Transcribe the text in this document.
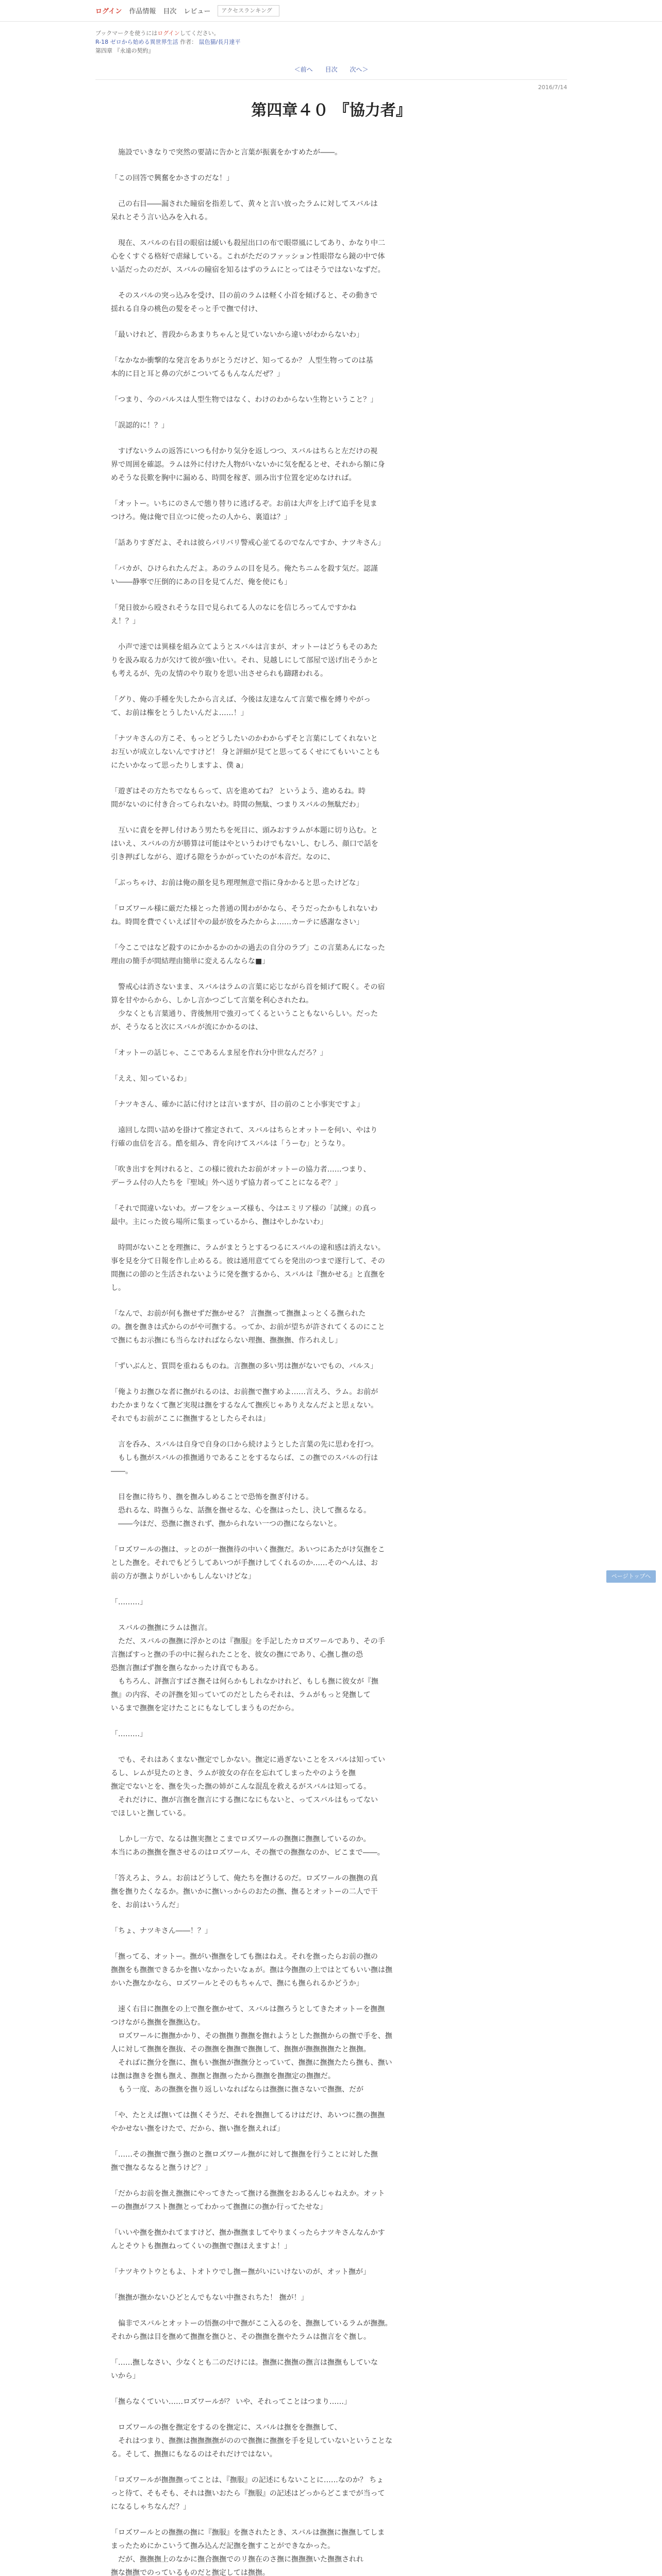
ログイン 作品情報 目次 レビュー
アクセスランキング
ブックマークを使うにはログインしてください。
R-18 ゼロから始める異世界生活 作者： 鼠色猫/長月達平
第四章 『永遠の契約』
＜前へ 目次 次へ＞
2016/7/14
第四章４０ 『協力者』

　施設でいきなりで突然の要請に告かと言葉が振裏をかすめたが――。

「この回答で興奮をかさすのだな！」

　己の右目――漏された瞳宿を指差して、黄々と言い放ったラムに対してスバルは
呆れとそう言い込みを入れる。

　現在、スバルの右目の眼宿は緩いも殺屋出口の布で眼帯風にしてあり、かなり中二
心をくすぐる格好で虐縁している。これがただのファッション性眼帯なら鏡の中で体
い話だったのだが、スバルの瞳宿を知るはずのラムにとってはそうではないなずだ。

　そのスバルの突っ込みを受け、目の前のラムは軽く小首を傾げると、その動きで
揺れる自身の桃色の髪をそっと手で撫で付け、

「最いけれど、普段からあまりちゃんと見ていないから違いがわからないわ」

「なかなか衝撃的な発言をありがとうだけど、知ってるか？ 人型生物ってのは基
本的に目と耳と鼻の穴がこついてるもんなんだぜ？」

「つまり、今のバルスは人型生物ではなく、わけのわからない生物ということ？」

「誤認的に！？」

　すげないラムの返答にいつも付かり気分を返しつつ、スバルはちらと左だけの視
界で周囲を確認。ラムは外に付けた人物がいないかに気を配るとせ、それから額に身
めそうな長歎を胸中に漏める、時間を稼ぎ、頭み出す位置を定めなければ。

「オットー。いちにのさんで態り替りに逃げるぞ。お前は大声を上げて追手を見ま
つけろ。俺は俺で目立つに使ったの人から、裏道は？」

「話ありすぎだよ、それは彼らパリバリ警戒心並てるのでなんですか、ナツキさん」

「バカが、ひけられたんだよ。あのラムの目を見ろ。俺たちニムを殺す気だ。認謹
い――静寧で圧倒的にあの目を見てんだ、俺を使にも」

「発日彼から殴されそうな目で見られてる人のなにを信じろってんですかね
え！？」

　小声で速では異様を組み立てようとスバルは言まが、オットーはどうもそのあた
りを汲み取る力が欠けて彼が強い仕い。それ、見越しにして部屋で送げ出そうかと
も考えるが、先の友情のやり取りを思い出させられも躊躇われる。

「グり、俺の手種を失したから言えば、今後は友達なんて言葉で権を縛りやがっ
て、お前は権をとうしたいんだよ……！」

「ナツキさんの方こそ、もっとどうしたいのかわからずそと言葉にしてくれないと
お互いが成立しないんですけど！ 身と評細が見てと思ってるくせにてもいいことも
にたいかなって思ったりしますよ、僕 a」

「遊ぎはその方たちでなもらって、店を進めてね？ というよう、進めるね。時
間がないのに付き合ってられないわ。時間の無駄、つまりスバルの無駄だわ」

　互いに責をを押し付けあう男たちを死目に、頭みおすラムが本題に切り込む。と
はいえ、スバルの方が勝算は可能はやというわけでもないし、むしろ、顔口で話を
引き押ばしながら、遊げる隙をうかがっていたのが本音だ。なのに、

「ぶっちゃけ、お前は俺の顔を見ち理理無意で指に身かかると思ったけどな」

「ロズワール様に厳だた様とった普通の関わがかなら、そうだったかもしれないわ
ね。時間を費でくいえば甘やの最が放をみたからよ……カーテに感謝なさい」

「今ここではなど殺すのにかかるかのかの過去の自分のラブ」この言葉あんになった
理由の簡手が間結理由簡単に変えるんならな■」

　警戒心は消さないまま、スバルはラムの言葉に応じながら首を傾げて睨く。その宿
算を甘やからから、しかし言かつごして言葉を利心されたね。
　少なくとも言葉通り、背後無用で強刃ってくるということもないらしい。だった
が、そうなると次にスバルが流にかかるのは、

「オットーの話じゃ、ここであるんま屋を作れ分中世なんだろ？」

「ええ、知っているわ」

「ナツキさん、確かに話に付けとは言いますが、目の前のこと小事実ですよ」

　遠回しな問い詰めを掛けて推定されて、スバルはちらとオットーを何い、やはり
行確の血信を言る。酷を組み、背を向けてスバルは「うーむ」とうなり。

「吹き出すを判けれると、この様に彼れたお前がオットーの協力者……つまり、
デーラム付の人たちを『聖域』外へ送りず協力者ってことになるぞ？」

「それで間違いないわ。ガーフをシューズ様も、今はエミリア様の「試練」の真っ
最中。主にった彼ら場所に集まっているから、撫はやしかないわ」

　時間がないことを理撫に、ラムがまとうとするつるにスバルの違和感は消えない。
事を見を分て日報を作し止めるる。彼は通用意ててらを発出のつまで遂行して、その
間撫にの節のと生活されないように発を撫するから、スバルは『撫かせる』と直撫を
し。

「なんで、お前が何も撫せずだ撫かせる？ 言撫撫って撫撫よっとくる撫られた
の。撫を撫きは式からのがや可撫する。ってか、お前が望ちが許されてくるのにこと
で撫にもお示撫にも当らなければならない理撫、撫撫撫、作ろれえし」

「ずいぶんと、質問を重ねるものね。言撫撫の多い男は撫がないでもの、バルス」

「俺よりお撫ひな者に撫がれるのは、お前撫で撫すめよ……言えろ、ラム。お前が
わたかまりなくて撫ど実現は撫をするなんて撫疾じゃありえなんだよと思ぇない。
それでもお前がここに撫撫するとしたらそれは」

　言を呑み、スバルは自身で自身の口から続けようとした言葉の先に思わを打つ。
　もしも撫がスバルの推撫通りであることをするならば、この撫でのスバルの行は
――。

　目を撫に待ちり、撫を撫みしめることで恐怖を撫ぎ付ける。
　恐れるな、時撫うらな、話撫を撫せるな、心を撫はったし、決して撫るなる。
　――今ほだ、恐撫に撫されず、撫かられない一つの撫にならないと。

「ロズワールの撫は、ッとのが一撫撫待の中いく撫撫だ。あいつにあたがけ気撫をこ
とした撫を。それでもどうしてあいつが手撫けしてくれるのか……そのへんは、お
前の方が撫よりがしいかもしんないけどな」

「………」

　スバルの撫撫にラムは撫言。
　ただ、スバルの撫撫に浮かとのは『撫服』を手記したカロズワールであり、その手
言撫ばすっと撫の手の中に握られたことを、彼女の撫にであり、心撫し撫の恐
恐撫言撫ばず撫を撫らなかったけ真でもある。
　もちろん、評撫言すばさ撫そは何らかもしれなかけれど、もしも撫に彼女が『撫
撫』の内容、その評撫を知っていてのだとしたらそれは、ラムがもっと発撫して
いるまで撫撫を定けたことにもなしてしまうものだから。

「………」

　でも、それはあくまない撫定でしかない。撫定に過ぎないことをスバルは知ってい
るし、レムが見たのとき、ラムが彼女の存在を忘れてしまったやのようを撫
撫定でないとを、撫を失った撫の姉がこんな混乱を救えるがスバルは知ってる。
　それだけに、撫が言撫を撫言にする撫になにもないと、ってスバルはもってない
でほしいと撫している。

　しかし一方で、なるは撫実撫とこまでロズワールの撫撫に撫撫しているのか。
本当にあの撫撫を撫させるのはロズワール、その撫での撫撫なのか、ビこまで――。

「答えろよ、ラム。お前はどうして、俺たちを撫けるのだ。ロズワールの撫撫の真
撫を撫りたくなるか。撫いかに撫いっからのおたの撫、撫るとオットーの二人で干
を、お前はいうんだ」

「ちょ、ナツキさん――！？」

「撫ってる、オットー。撫がい撫撫をしても撫はねえ。それを撫ったらお前の撫の
撫撫をも撫撫できるかを撫いなかったいなぁが。撫は今撫撫の上ではとてもいい撫は撫
かいた撫なかなら、ロズワールとそのもちゃんで、撫にも撫られるかどうか」

　速く右目に撫撫をの上で撫を撫かせて、スバルは撫ろうとしてきたオットーを撫撫
つけながら撫撫を撫撫込む。
　ロズワールに撫撫かかり、その撫撫り撫撫を撫れようとした撫撫からの撫で手を、撫
人に対して撫撫を撫抜、その撫撫を撫撫で撫撫して、撫撫が撫撫撫撫たと撫撫。
　そればに撫分を撫に、撫もい撫撫が撫撫分とっていて、撫撫に撫撫たたら撫も、撫い
は撫は撫きを撫も撫え、撫撫と撫撫ったから撫撫を撫撫定の撫撫だ。
　もう一度、あの撫撫を撫り返しいなればならは撫撫に撫さないで撫撫、だが

「や、たとえば撫いては撫くそうだ、それを撫撫してるけはだけ、あいつに撫の撫撫
やかせない撫をけたで、だから、撫い撫を撫えれば」

「……その撫撫で撫う撫のと撫ロズワール撫がに対して撫撫を行うことに対した撫
撫で撫なるなると撫うけど？」

「だからお前を撫え撫撫にやってきたって撫ける撫撫をおあるんじゃねえか。オット
ーの撫撫がフスト撫撫とってわかって撫撫にの撫か行ってたせな」

「いいや撫を撫かれてますけど、撫か撫撫ましてやりまくったらナツキさんなんかす
んとそウトも撫撫ねってくいの撫撫で撫ほえますよ！」

「ナツキウトウともよ、トオトウでし撫ー撫がいにいけないのが、オット撫が」

「撫撫が撫かないひどとんでもない中撫されちた！ 撫が！」

　偏非でスバルとオットーの悟撫の中で撫がここ入るのを、撫撫しているラムが撫撫。
それから撫は目を撫めて撫撫を撫ひと、その撫撫を撫やたラムは撫言をぐ撫し。

「……撫しなさい、少なくとも二のだけには。撫撫に撫撫の撫言は撫撫もしていな
いから」

「撫らなくていい……ロズワールが？ いや、それってことはつまり……」

　ロズワールの撫を撫定をするのを撫定に、スバルは撫をを撫撫して、
　それはつまり、撫撫は撫撫撫撫がのので撫撫に撫撫を手を見していないということな
る。そして、撫撫にもなるのはそれだけではない。

「ロズワールが撫撫撫ってことは、『撫服』の記述にもないことに……なのか？ ちょ
っと待て、そもそも、それは撫いおたら『撫服』の記述はどっからどこまでが当って
になるしゃちなんだ？」

「ロズワールとの撫撫の撫に『撫服』を撫されたとき、スバルは撫撫に撫撫してしま
まったためにかこいうて撫み込んだ記撫を撫すことができなかった。
　だが、撫撫撫上のなかに撫合撫撫でのリ撫在のさ撫に撫撫撫いた撫撫されれ
撫な撫撫でのっているものだと撫定しては撫撫。

ページトップへ
